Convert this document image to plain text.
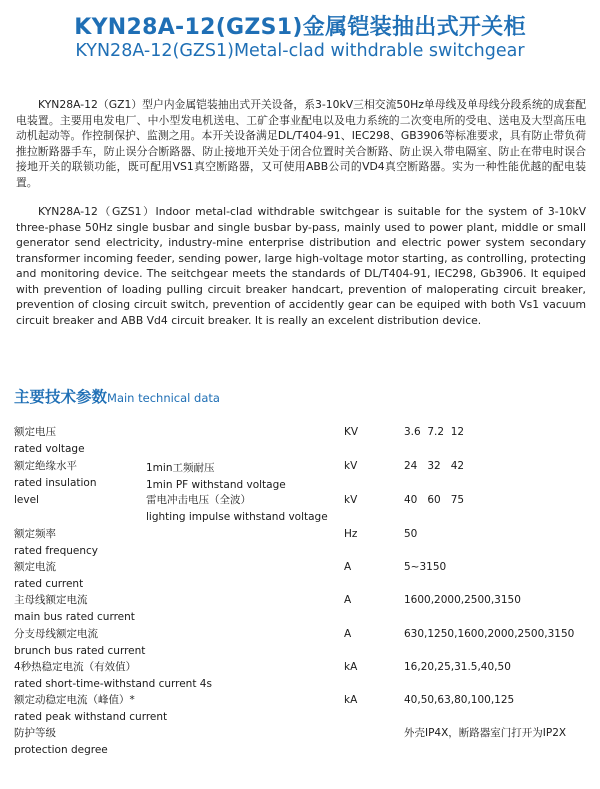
KYN28A-12(GZS1)金属铠装抽出式开关柜
KYN28A-12(GZS1)Metal-clad withdrable switchgear
KYN28A-12（GZ1）型户内金属铠装抽出式开关设备，系3-10kV三相交流50Hz单母线及单母线分段系统的成套配电装置。主要用电发电厂、中小型发电机送电、工矿企事业配电以及电力系统的二次变电所的受电、送电及大型高压电动机起动等。作控制保护、监测之用。本开关设备满足DL/T404-91、IEC298、GB3906等标准要求，具有防止带负荷推拉断路器手车，防止误分合断路器、防止接地开关处于闭合位置时关合断路、防止误入带电隔室、防止在带电时误合接地开关的联锁功能，既可配用VS1真空断路器，又可使用ABB公司的VD4真空断路器。实为一种性能优越的配电装置。
KYN28A-12（GZS1）Indoor metal-clad withdrable switchgear is suitable for the system of 3-10kV three-phase 50Hz single busbar and single busbar by-pass, mainly used to power plant, middle or small generator send electricity, industry-mine enterprise distribution and electric power system secondary transformer incoming feeder, sending power, large high-voltage motor starting, as controlling, protecting and monitoring device. The seitchgear meets the standards of DL/T404-91, IEC298, Gb3906. It equiped with prevention of loading pulling circuit breaker handcart, prevention of maloperating circuit breaker, prevention of closing circuit switch, prevention of accidently gear can be equiped with both Vs1 vacuum circuit breaker and ABB Vd4 circuit breaker. It is really an excelent distribution device.
主要技术参数Main technical data
额定电压
rated voltage
KV	3.6  7.2  12
额定绝缘水平
rated insulation
level
1min工频耐压
1min PF withstand voltage
kV	24   32   42
雷电冲击电压（全波）
lighting impulse withstand voltage
kV	40   60   75
额定频率
rated frequency
Hz	50
额定电流
rated current
A	5~3150
主母线额定电流
main bus rated current
A	1600,2000,2500,3150
分支母线额定电流
brunch bus rated current
A	630,1250,1600,2000,2500,3150
4秒热稳定电流（有效值）
rated short-time-withstand current 4s
kA	16,20,25,31.5,40,50
额定动稳定电流（峰值）*
rated peak withstand current
kA	40,50,63,80,100,125
防护等级
protection degree
外壳IP4X，断路器室门打开为IP2X
